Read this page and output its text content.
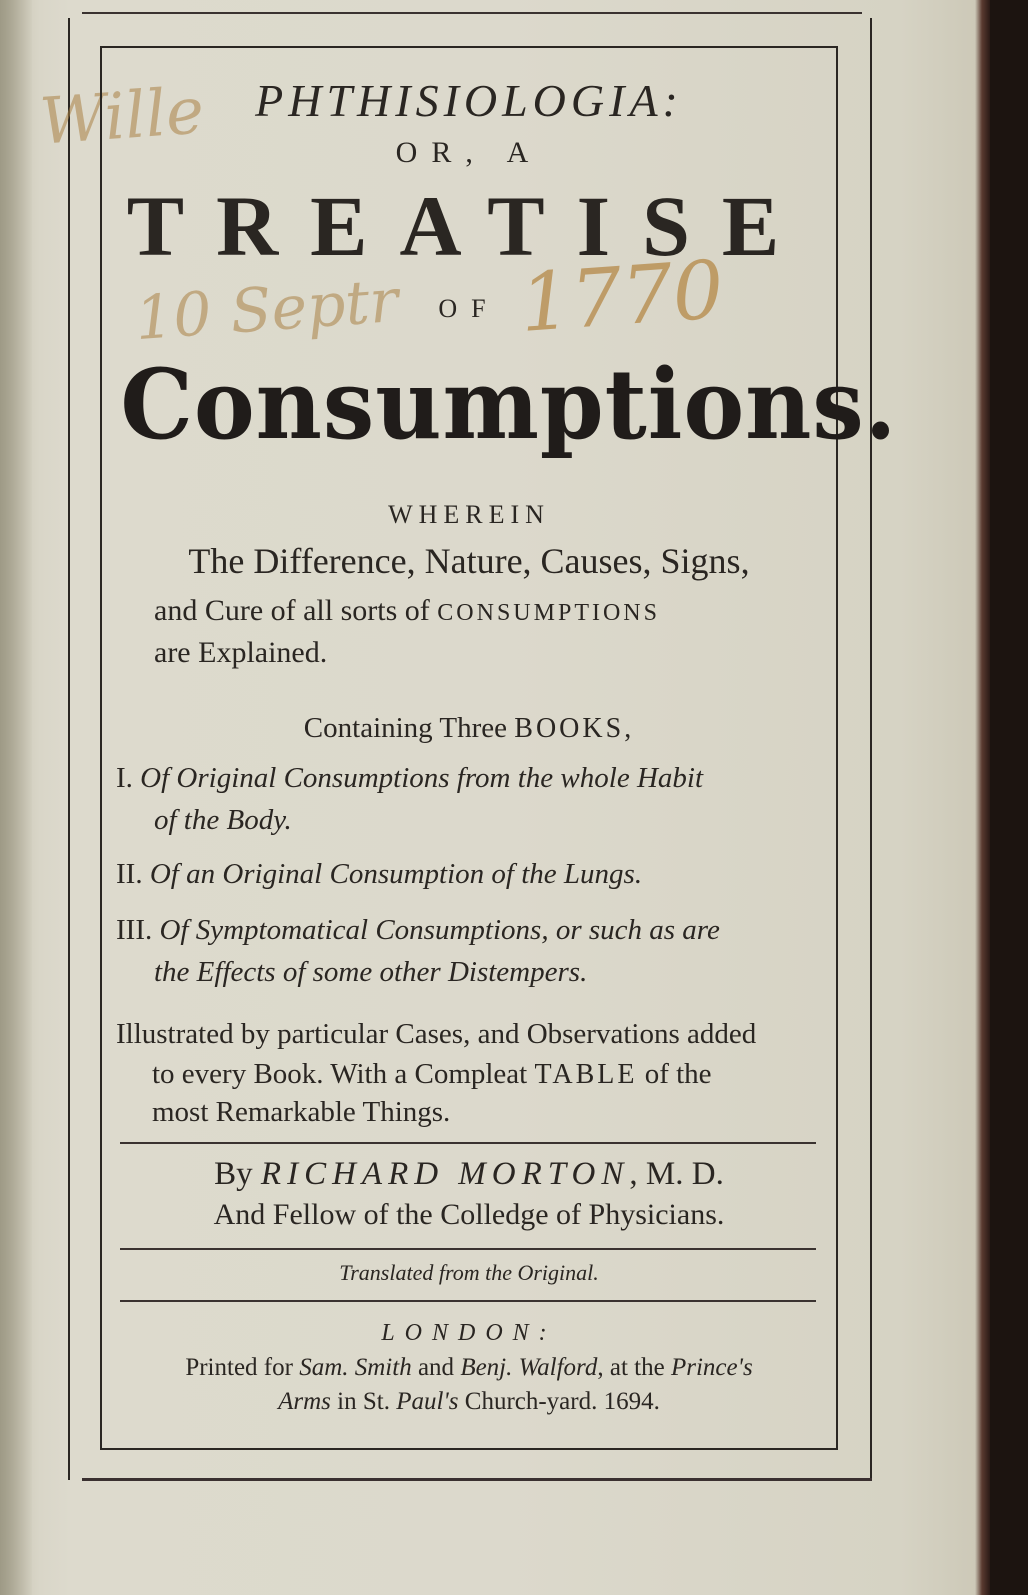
Wille
10 Septr 1770
PHTHISIOLOGIA:
OR, A
TREATISE
OF
Consumptions.
WHEREIN
The Difference, Nature, Causes, Signs,
and Cure of all sorts of CONSUMPTIONS
are Explained.
Containing Three BOOKS,
I. Of Original Consumptions from the whole Habit
of the Body.
II. Of an Original Consumption of the Lungs.
III. Of Symptomatical Consumptions, or such as are
the Effects of some other Distempers.
Illustrated by particular Cases, and Observations added
to every Book. With a Compleat TABLE of the
most Remarkable Things.
By RICHARD MORTON, M. D.
And Fellow of the Colledge of Physicians.
Translated from the Original.
LONDON:
Printed for Sam. Smith and Benj. Walford, at the Prince's
Arms in St. Paul's Church-yard. 1694.
